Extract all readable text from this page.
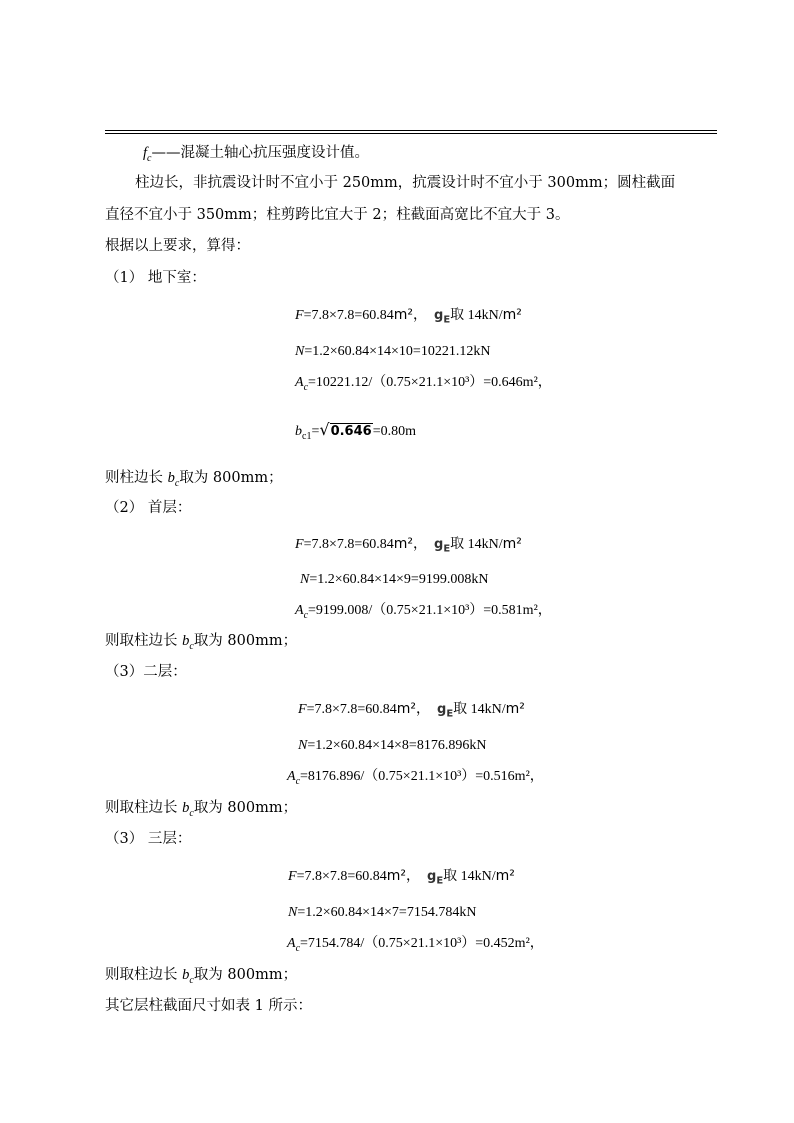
$f_c——$混凝土轴心抗压强度设计值。
柱边长，非抗震设计时不宜小于 250mm，抗震设计时不宜小于 300mm；圆柱截面
直径不宜小于 350mm；柱剪跨比宜大于 2；柱截面高宽比不宜大于 3。
根据以上要求，算得：
（1） 地下室：
F=7.8×7.8=60.84m²，  $g_E$取 14kN/m²
N=1.2×60.84×14×10=10221.12kN
$A_c=10221.12/(0.75\times 21.1\times 10^3)=0.646m^2$，
$b_{c1}=√0.646=0.80m$
则柱边长 $b_c$取为 800mm；
（2） 首层：
F=7.8×7.8=60.84m²，  $g_E$取 14kN/m²
N=1.2×60.84×14×9=9199.008kN
$A_c=9199.008/(0.75\times 21.1\times 10^3)=0.581m^2$，
则取柱边长 $b_c$取为 800mm；
（3）二层：
F=7.8×7.8=60.84m²，  $g_E$取 14kN/m²
N=1.2×60.84×14×8=8176.896kN
$A_c=8176.896/(0.75\times 21.1\times 10^3)=0.516m^2$，
则取柱边长 $b_c$取为 800mm；
（3） 三层：
F=7.8×7.8=60.84m²，  $g_E$取 14kN/m²
N=1.2×60.84×14×7=7154.784kN
$A_c=7154.784/(0.75\times 21.1\times 10^3)=0.452m^2$，
则取柱边长 $b_c$取为 800mm；
其它层柱截面尺寸如表 1 所示：
